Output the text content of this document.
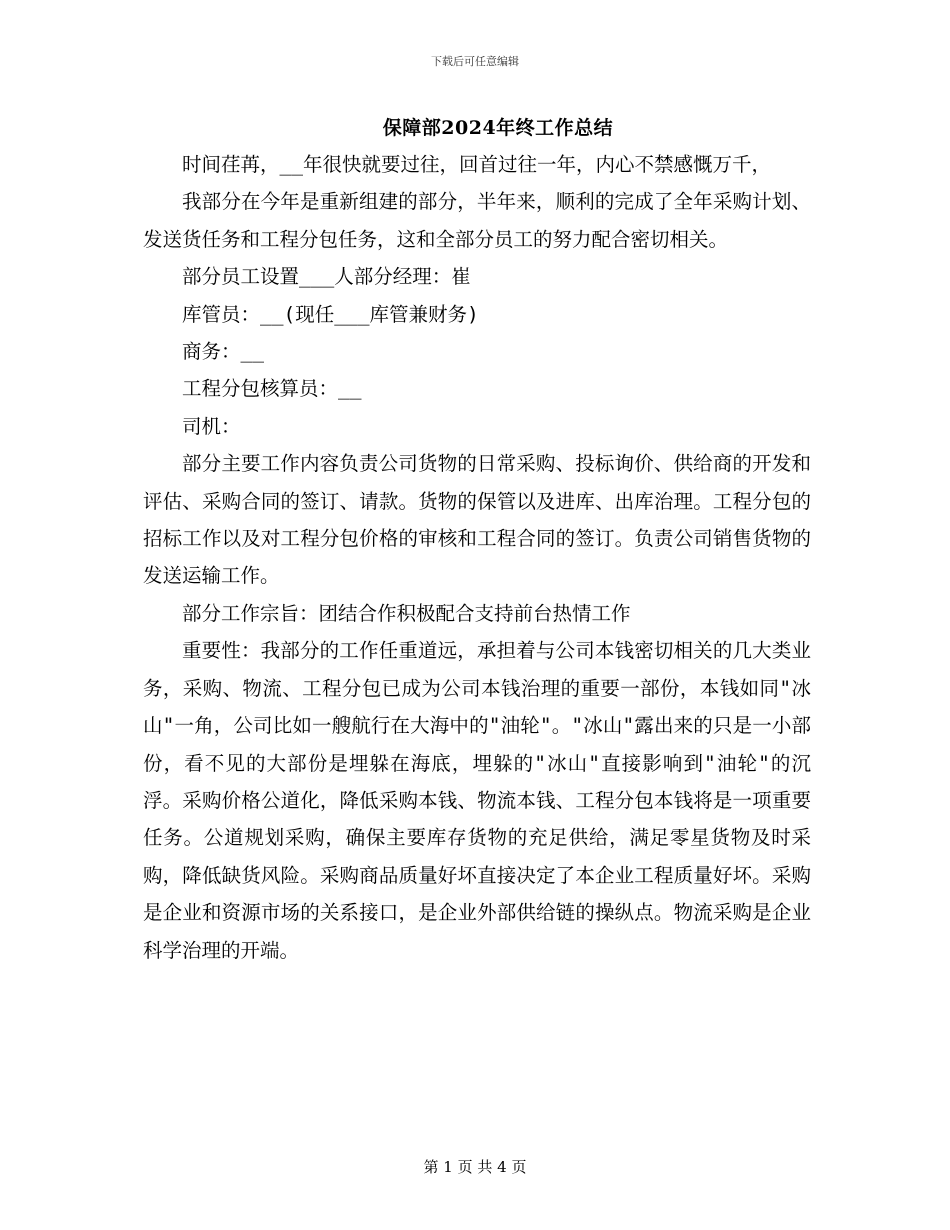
下载后可任意编辑
保障部2024年终工作总结

时间荏苒，__年很快就要过往，回首过往一年，内心不禁感慨万千，

我部分在今年是重新组建的部分，半年来，顺利的完成了全年采购计划、发送货任务和工程分包任务，这和全部分员工的努力配合密切相关。

部分员工设置___人部分经理：崔

库管员：__(现任___库管兼财务)

商务：__

工程分包核算员：__

司机：

部分主要工作内容负责公司货物的日常采购、投标询价、供给商的开发和评估、采购合同的签订、请款。货物的保管以及进库、出库治理。工程分包的招标工作以及对工程分包价格的审核和工程合同的签订。负责公司销售货物的发送运输工作。

部分工作宗旨：团结合作积极配合支持前台热情工作

重要性：我部分的工作任重道远，承担着与公司本钱密切相关的几大类业务，采购、物流、工程分包已成为公司本钱治理的重要一部份，本钱如同"冰山"一角，公司比如一艘航行在大海中的"油轮"。"冰山"露出来的只是一小部份，看不见的大部份是埋躲在海底，埋躲的"冰山"直接影响到"油轮"的沉浮。采购价格公道化，降低采购本钱、物流本钱、工程分包本钱将是一项重要任务。公道规划采购，确保主要库存货物的充足供给，满足零星货物及时采购，降低缺货风险。采购商品质量好坏直接决定了本企业工程质量好坏。采购是企业和资源市场的关系接口，是企业外部供给链的操纵点。物流采购是企业科学治理的开端。

第 1 页 共 4 页
